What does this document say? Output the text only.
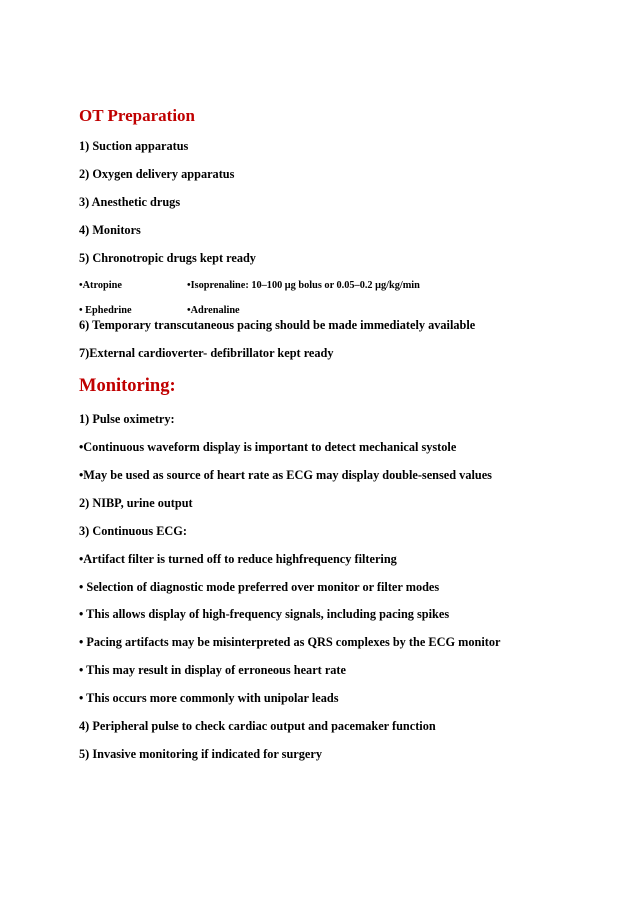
OT Preparation
1) Suction apparatus
2) Oxygen delivery apparatus
3) Anesthetic drugs
4) Monitors
5) Chronotropic drugs kept ready
•Atropine	•Isoprenaline: 10–100 μg bolus or 0.05–0.2 μg/kg/min
• Ephedrine	•Adrenaline
6) Temporary transcutaneous pacing should be made immediately available
7)External cardioverter- defibrillator kept ready
Monitoring:
1) Pulse oximetry:
•Continuous waveform display is important to detect mechanical systole
•May be used as source of heart rate as ECG may display double-sensed values
2) NIBP, urine output
3) Continuous ECG:
•Artifact filter is turned off to reduce highfrequency filtering
• Selection of diagnostic mode preferred over monitor or filter modes
• This allows display of high-frequency signals, including pacing spikes
• Pacing artifacts may be misinterpreted as QRS complexes by the ECG monitor
• This may result in display of erroneous heart rate
• This occurs more commonly with unipolar leads
4) Peripheral pulse to check cardiac output and pacemaker function
5) Invasive monitoring if indicated for surgery
